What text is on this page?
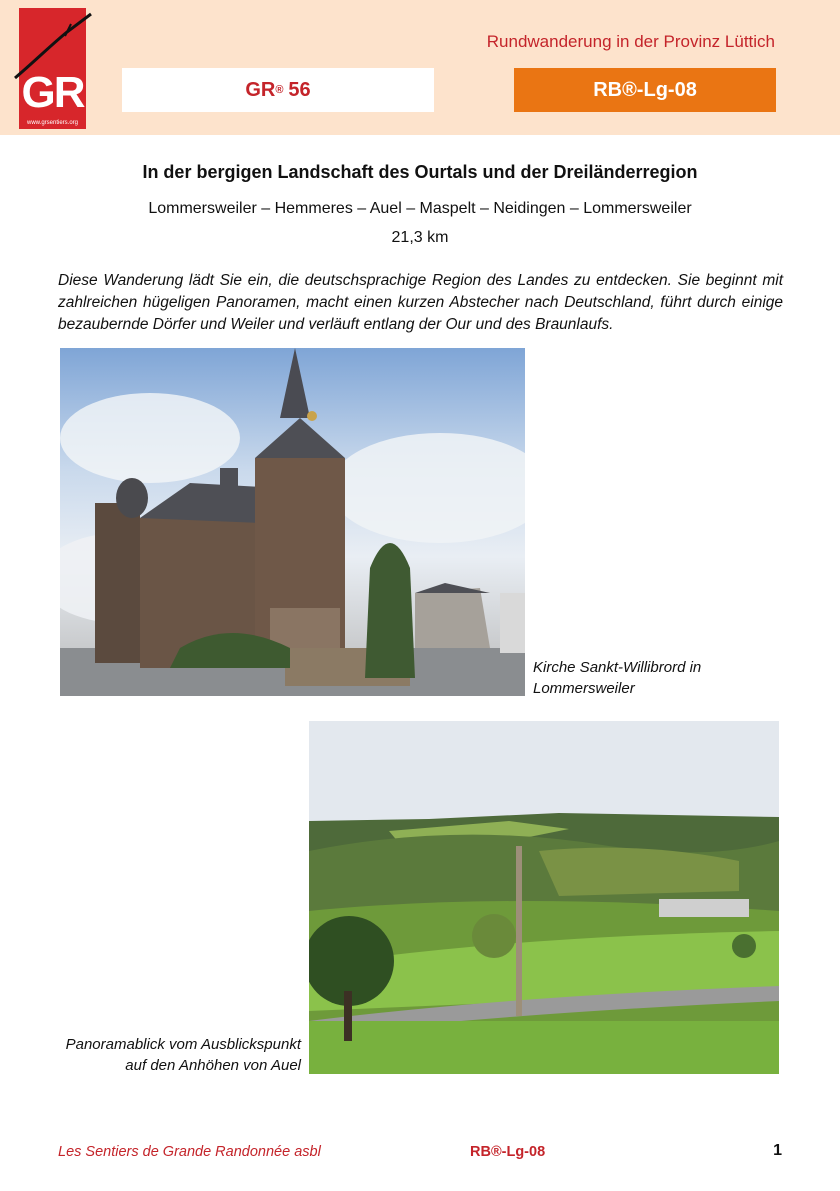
GR
www.grsentiers.org
Rundwanderung in der Provinz Lüttich
GR ® 56	RB®-Lg-08
In der bergigen Landschaft des Ourtals und der Dreiländerregion
Lommersweiler – Hemmeres – Auel – Maspelt – Neidingen – Lommersweiler
21,3 km
Diese Wanderung lädt Sie ein, die deutschsprachige Region des Landes zu entdecken. Sie beginnt mit zahlreichen hügeligen Panoramen, macht einen kurzen Abstecher nach Deutschland, führt durch einige bezaubernde Dörfer und Weiler und verläuft entlang der Our und des Braunlaufs.
Kirche Sankt-Willibrord in
Lommersweiler
Panoramablick vom Ausblickspunkt
auf den Anhöhen von Auel
Les Sentiers de Grande Randonnée asbl	RB®-Lg-08	1
